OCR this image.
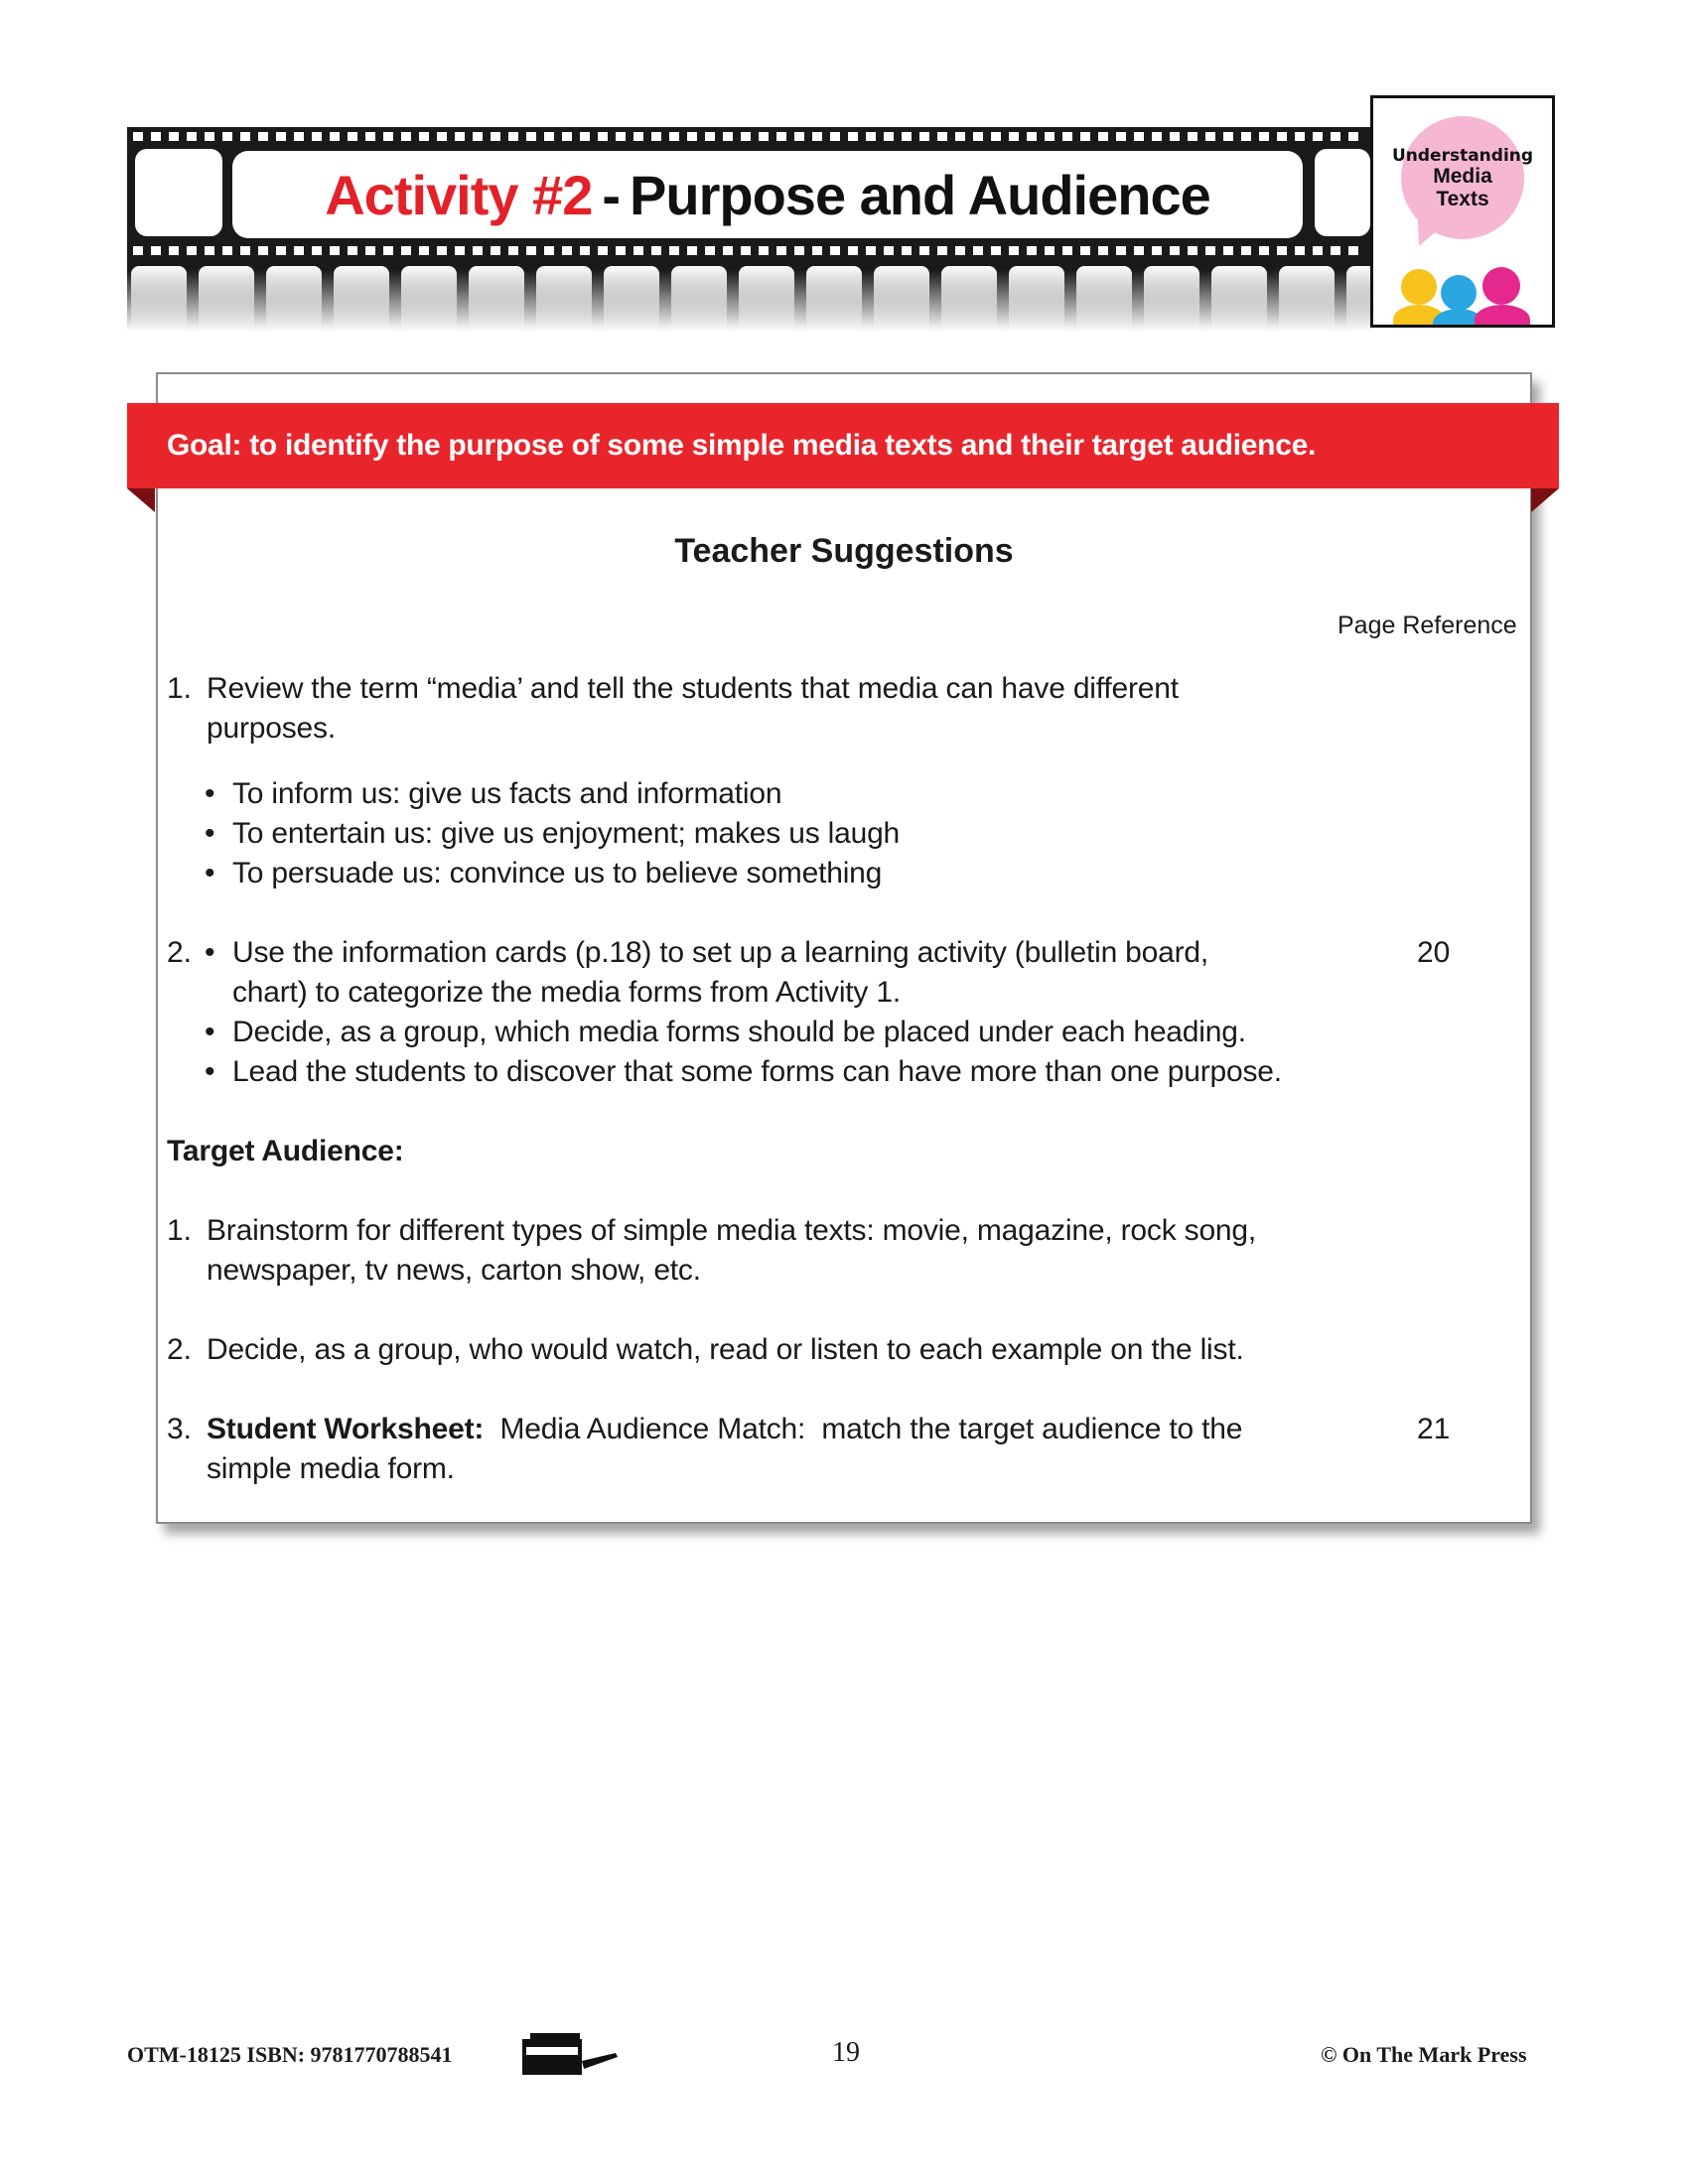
Activity #2 - Purpose and Audience
Understanding
Media
Texts
Goal: to identify the purpose of some simple media texts and their target audience.
Teacher Suggestions
Page Reference
1. Review the term “media’ and tell the students that media can have different
purposes.
• To inform us: give us facts and information
• To entertain us: give us enjoyment; makes us laugh
• To persuade us: convince us to believe something
2. • Use the information cards (p.18) to set up a learning activity (bulletin board,
chart) to categorize the media forms from Activity 1.
• Decide, as a group, which media forms should be placed under each heading.
• Lead the students to discover that some forms can have more than one purpose.
20
Target Audience:
1. Brainstorm for different types of simple media texts: movie, magazine, rock song,
newspaper, tv news, carton show, etc.
2. Decide, as a group, who would watch, read or listen to each example on the list.
3. Student Worksheet:  Media Audience Match:  match the target audience to the
simple media form.
21
OTM-18125 ISBN: 9781770788541	19	© On The Mark Press
